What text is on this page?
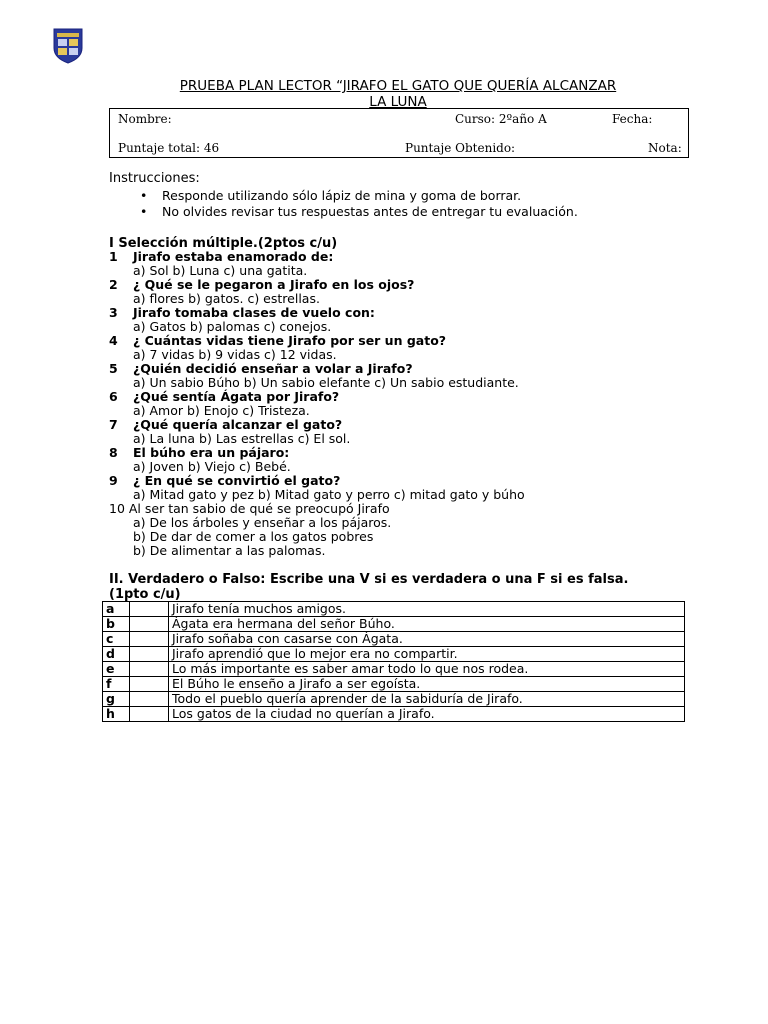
PRUEBA PLAN LECTOR “JIRAFO EL GATO QUE QUERÍA ALCANZAR
LA LUNA
Nombre:	Curso: 2ºaño A	Fecha:
Puntaje total: 46	Puntaje Obtenido:	Nota:
Instrucciones:
• Responde utilizando sólo lápiz de mina y goma de borrar.
• No olvides revisar tus respuestas antes de entregar tu evaluación.
I Selección múltiple.(2ptos c/u)
1 Jirafo estaba enamorado de:
a) Sol b) Luna c) una gatita.
2 ¿ Qué se le pegaron a Jirafo en los ojos?
a) flores b) gatos. c) estrellas.
3 Jirafo tomaba clases de vuelo con:
a) Gatos b) palomas c) conejos.
4 ¿ Cuántas vidas tiene Jirafo por ser un gato?
a) 7 vidas b) 9 vidas c) 12 vidas.
5 ¿Quién decidió enseñar a volar a Jirafo?
a) Un sabio Búho b) Un sabio elefante c) Un sabio estudiante.
6 ¿Qué sentía Ágata por Jirafo?
a) Amor b) Enojo c) Tristeza.
7 ¿Qué quería alcanzar el gato?
a) La luna b) Las estrellas c) El sol.
8 El búho era un pájaro:
a) Joven b) Viejo c) Bebé.
9 ¿ En qué se convirtió el gato?
a) Mitad gato y pez b) Mitad gato y perro c) mitad gato y búho
10 Al ser tan sabio de qué se preocupó Jirafo
a) De los árboles y enseñar a los pájaros.
b) De dar de comer a los gatos pobres
b) De alimentar a las palomas.
II. Verdadero o Falso: Escribe una V si es verdadera o una F si es falsa.
(1pto c/u)
a		Jirafo tenía muchos amigos.
b		Ágata era hermana del señor Búho.
c		Jirafo soñaba con casarse con Ágata.
d		Jirafo aprendió que lo mejor era no compartir.
e		Lo más importante es saber amar todo lo que nos rodea.
f		El Búho le enseño a Jirafo a ser egoísta.
g		Todo el pueblo quería aprender de la sabiduría de Jirafo.
h		Los gatos de la ciudad no querían a Jirafo.
